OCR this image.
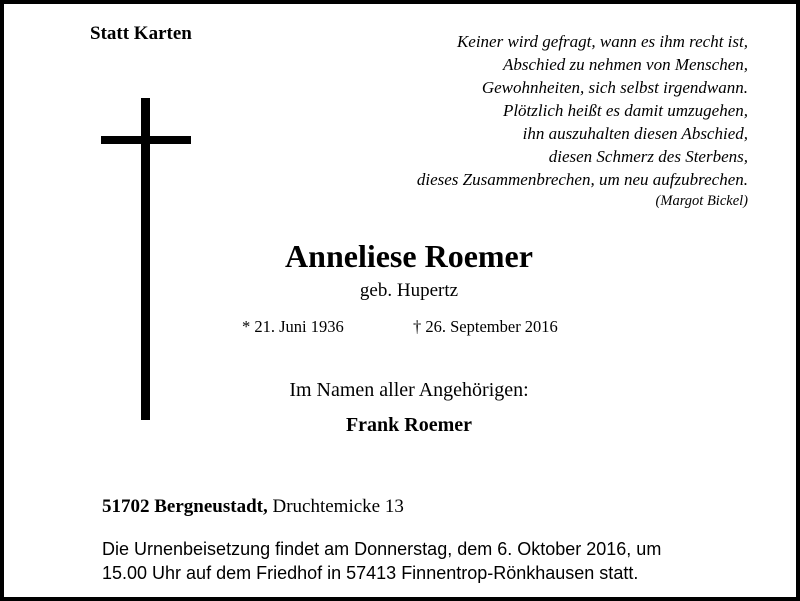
Statt Karten	Keiner wird gefragt, wann es ihm recht ist,
Abschied zu nehmen von Menschen,
Gewohnheiten, sich selbst irgendwann.
Plötzlich heißt es damit umzugehen,
ihn auszuhalten diesen Abschied,
diesen Schmerz des Sterbens,
dieses Zusammenbrechen, um neu aufzubrechen.
(Margot Bickel)
Anneliese Roemer
geb. Hupertz
* 21. Juni 1936	† 26. September 2016
Im Namen aller Angehörigen:
Frank Roemer
51702 Bergneustadt, Druchtemicke 13
Die Urnenbeisetzung findet am Donnerstag, dem 6. Oktober 2016, um
15.00 Uhr auf dem Friedhof in 57413 Finnentrop-Rönkhausen statt.
